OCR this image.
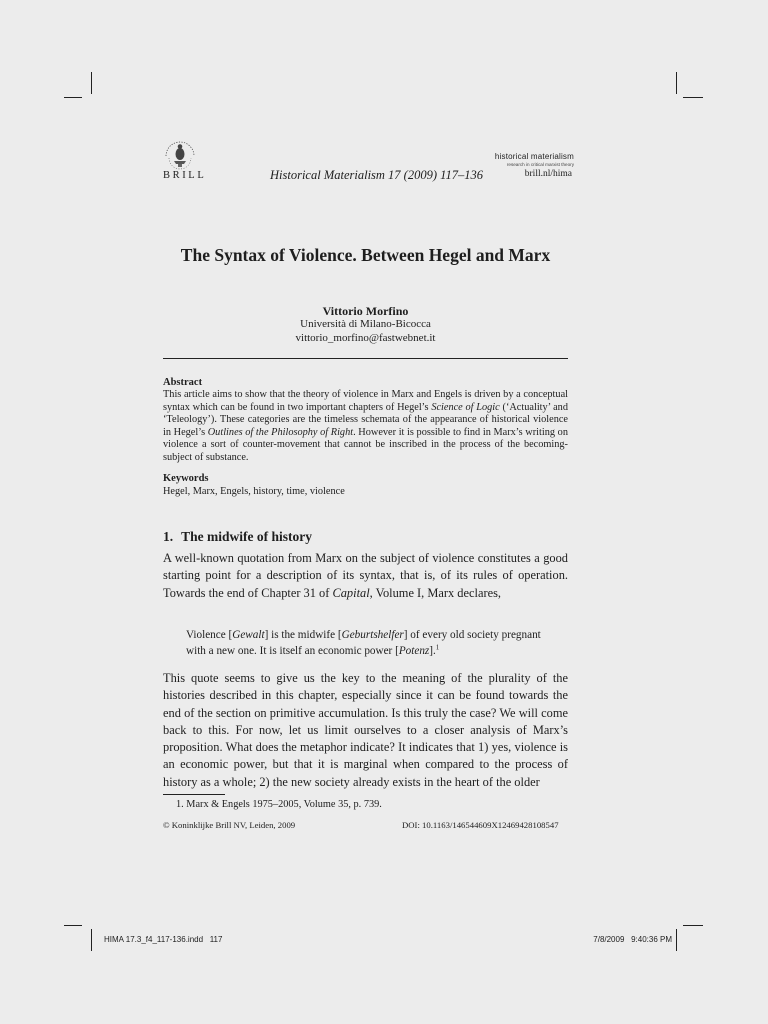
BRILL	Historical Materialism 17 (2009) 117–136
historical materialism
research in critical marxist theory
brill.nl/hima
The Syntax of Violence. Between Hegel and Marx
Vittorio Morfino
Università di Milano-Bicocca
vittorio_morfino@fastwebnet.it
Abstract
This article aims to show that the theory of violence in Marx and Engels is driven by a conceptual syntax which can be found in two important chapters of Hegel’s Science of Logic (‘Actuality’ and ‘Teleology’). These categories are the timeless schemata of the appearance of historical violence in Hegel’s Outlines of the Philosophy of Right. However it is possible to find in Marx’s writing on violence a sort of counter-movement that cannot be inscribed in the process of the becoming-subject of substance.
Keywords
Hegel, Marx, Engels, history, time, violence
1. The midwife of history
A well-known quotation from Marx on the subject of violence constitutes a good starting point for a description of its syntax, that is, of its rules of operation. Towards the end of Chapter 31 of Capital, Volume I, Marx declares,
Violence [Gewalt] is the midwife [Geburtshelfer] of every old society pregnant with a new one. It is itself an economic power [Potenz].$^1$
This quote seems to give us the key to the meaning of the plurality of the histories described in this chapter, especially since it can be found towards the end of the section on primitive accumulation. Is this truly the case? We will come back to this. For now, let us limit ourselves to a closer analysis of Marx’s proposition. What does the metaphor indicate? It indicates that 1) yes, violence is an economic power, but that it is marginal when compared to the process of history as a whole; 2) the new society already exists in the heart of the older
1. Marx & Engels 1975–2005, Volume 35, p. 739.
© Koninklijke Brill NV, Leiden, 2009	DOI: 10.1163/146544609X12469428108547
HIMA 17.3_f4_117-136.indd   117	7/8/2009   9:40:36 PM
